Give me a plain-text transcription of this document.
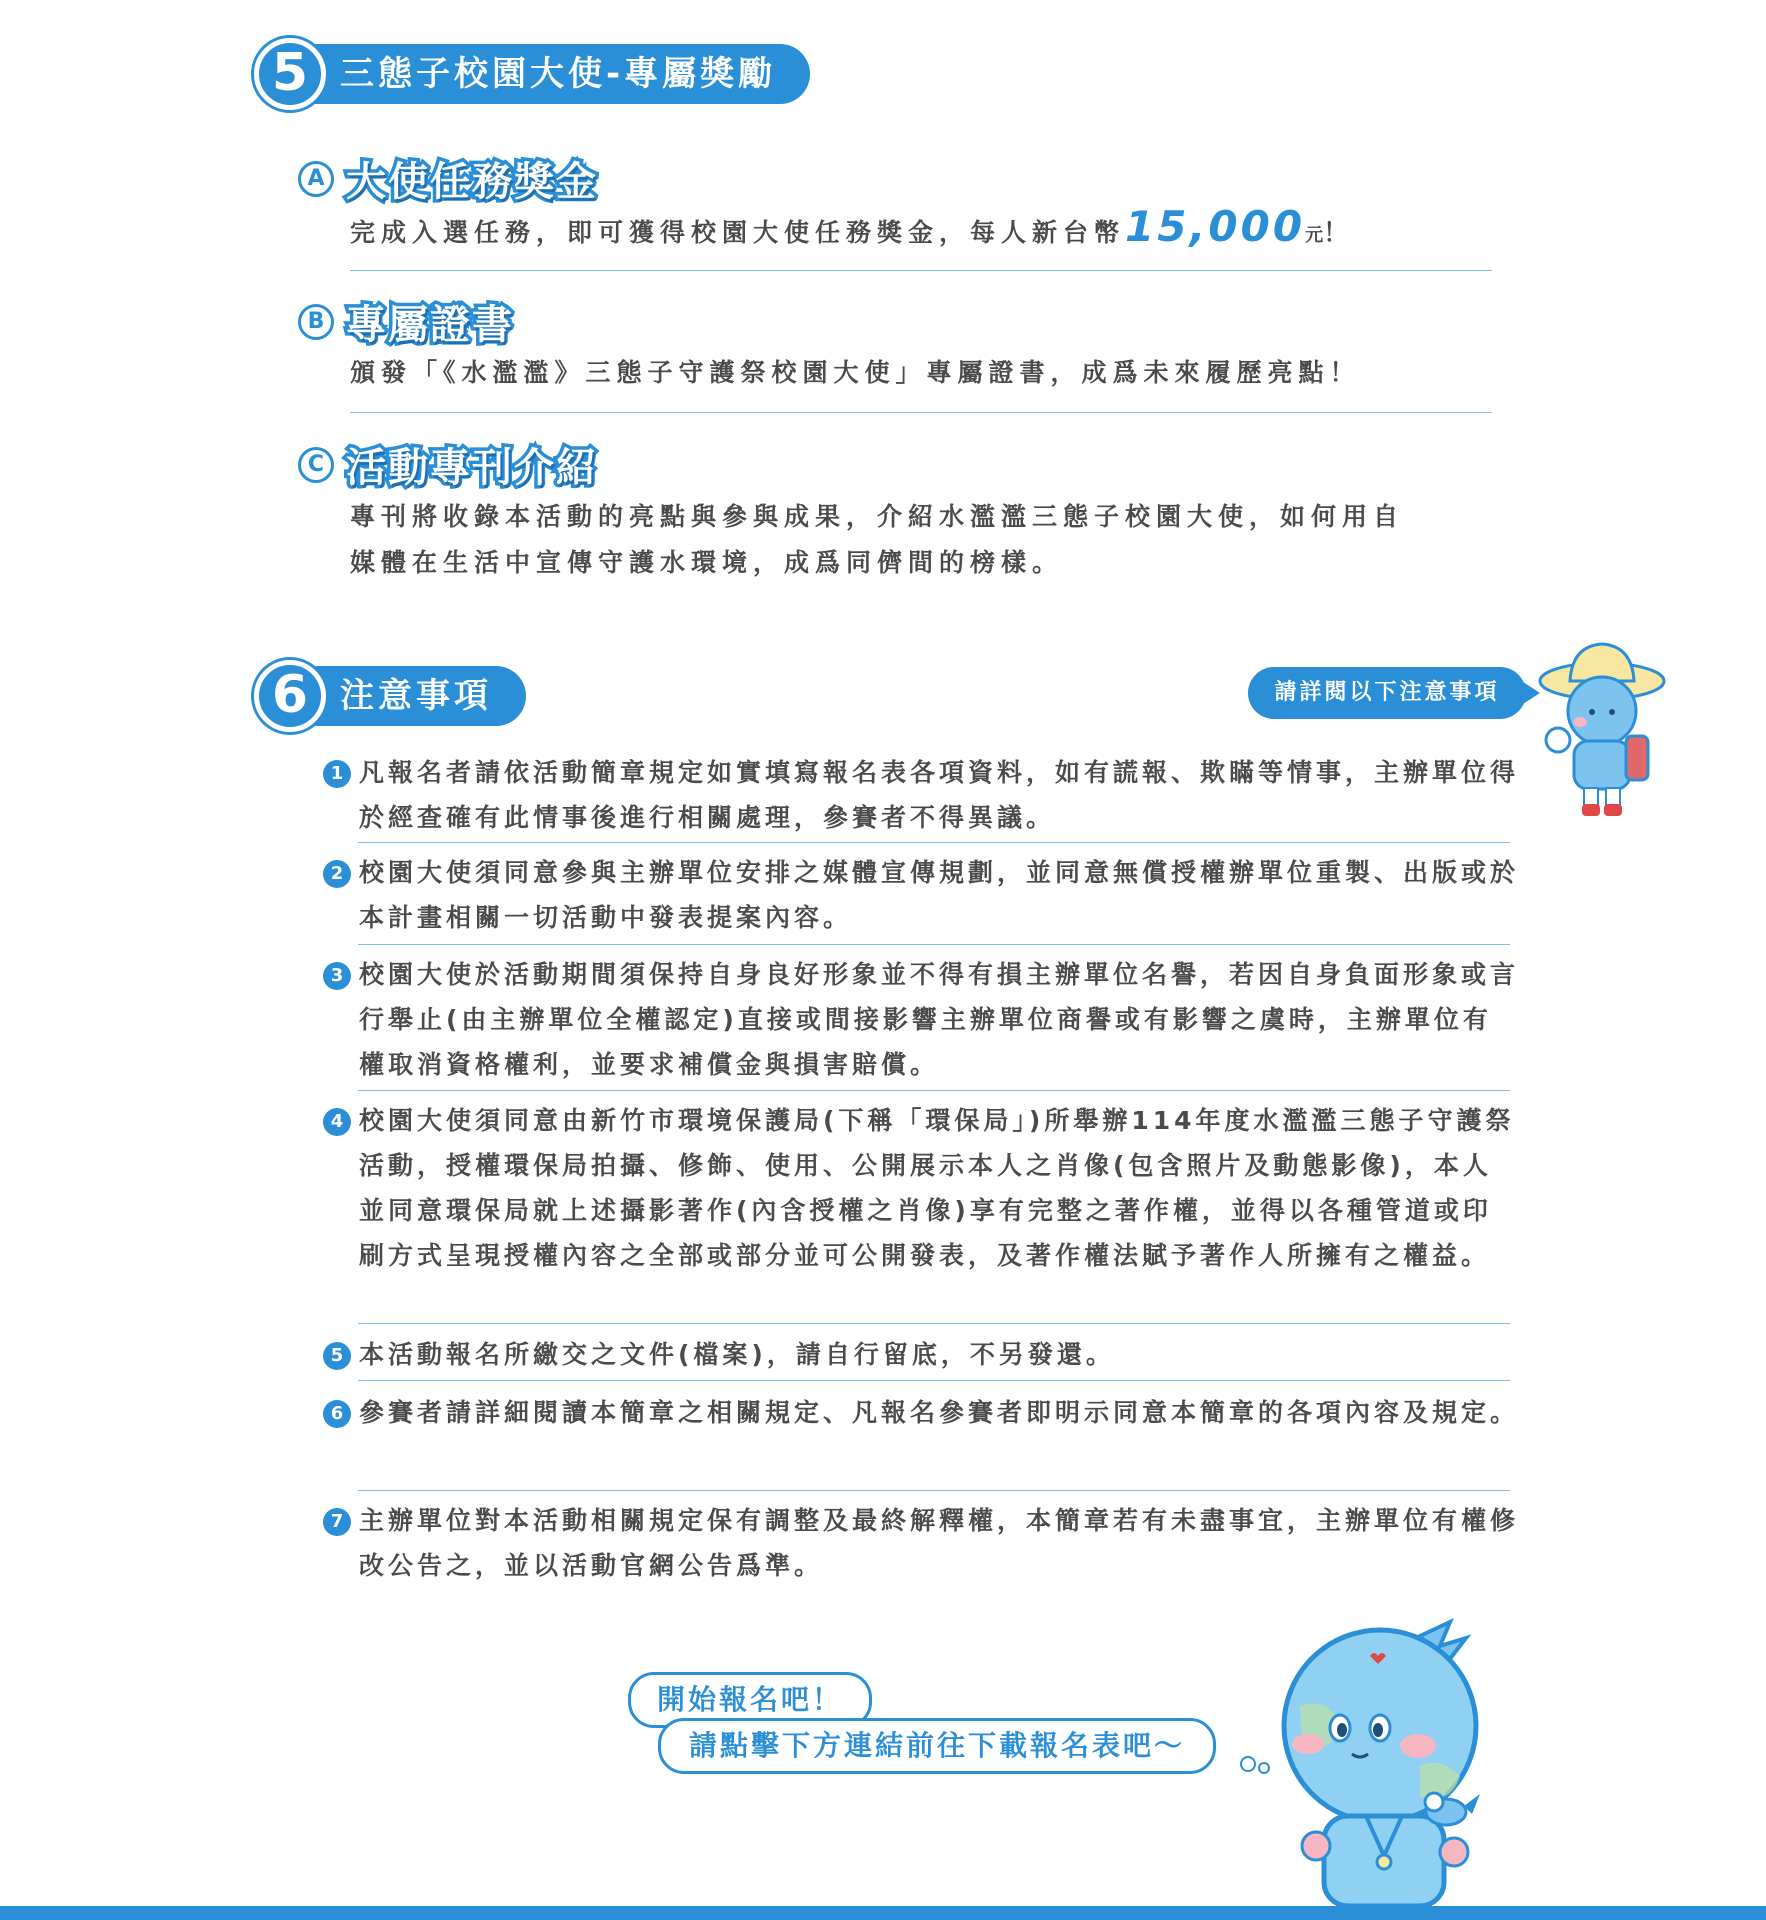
三態子校園大使-專屬獎勵
5
A 大使任務獎金
完成入選任務，即可獲得校園大使任務獎金，每人新台幣15,000元！
B 專屬證書
頒發「《水濫濫》三態子守護祭校園大使」專屬證書，成爲未來履歷亮點！
C 活動專刊介紹
專刊將收錄本活動的亮點與參與成果，介紹水濫濫三態子校園大使，如何用自
媒體在生活中宣傳守護水環境，成爲同儕間的榜樣。
注意事項
6	請詳閱以下注意事項
1 凡報名者請依活動簡章規定如實填寫報名表各項資料，如有謊報、欺瞞等情事，主辦單位得於經查確有此情事後進行相關處理，參賽者不得異議。
2 校園大使須同意參與主辦單位安排之媒體宣傳規劃，並同意無償授權辦單位重製、出版或於本計畫相關一切活動中發表提案內容。
3 校園大使於活動期間須保持自身良好形象並不得有損主辦單位名譽，若因自身負面形象或言行舉止(由主辦單位全權認定)直接或間接影響主辦單位商譽或有影響之虞時，主辦單位有權取消資格權利，並要求補償金與損害賠償。
4 校園大使須同意由新竹市環境保護局(下稱「環保局」)所舉辦114年度水濫濫三態子守護祭活動，授權環保局拍攝、修飾、使用、公開展示本人之肖像(包含照片及動態影像)，本人並同意環保局就上述攝影著作(內含授權之肖像)享有完整之著作權，並得以各種管道或印刷方式呈現授權內容之全部或部分並可公開發表，及著作權法賦予著作人所擁有之權益。
5 本活動報名所繳交之文件(檔案)，請自行留底，不另發還。
6 參賽者請詳細閱讀本簡章之相關規定、凡報名參賽者即明示同意本簡章的各項內容及規定。
7 主辦單位對本活動相關規定保有調整及最終解釋權，本簡章若有未盡事宜，主辦單位有權修改公告之，並以活動官網公告爲準。
開始報名吧！
請點擊下方連結前往下載報名表吧～
